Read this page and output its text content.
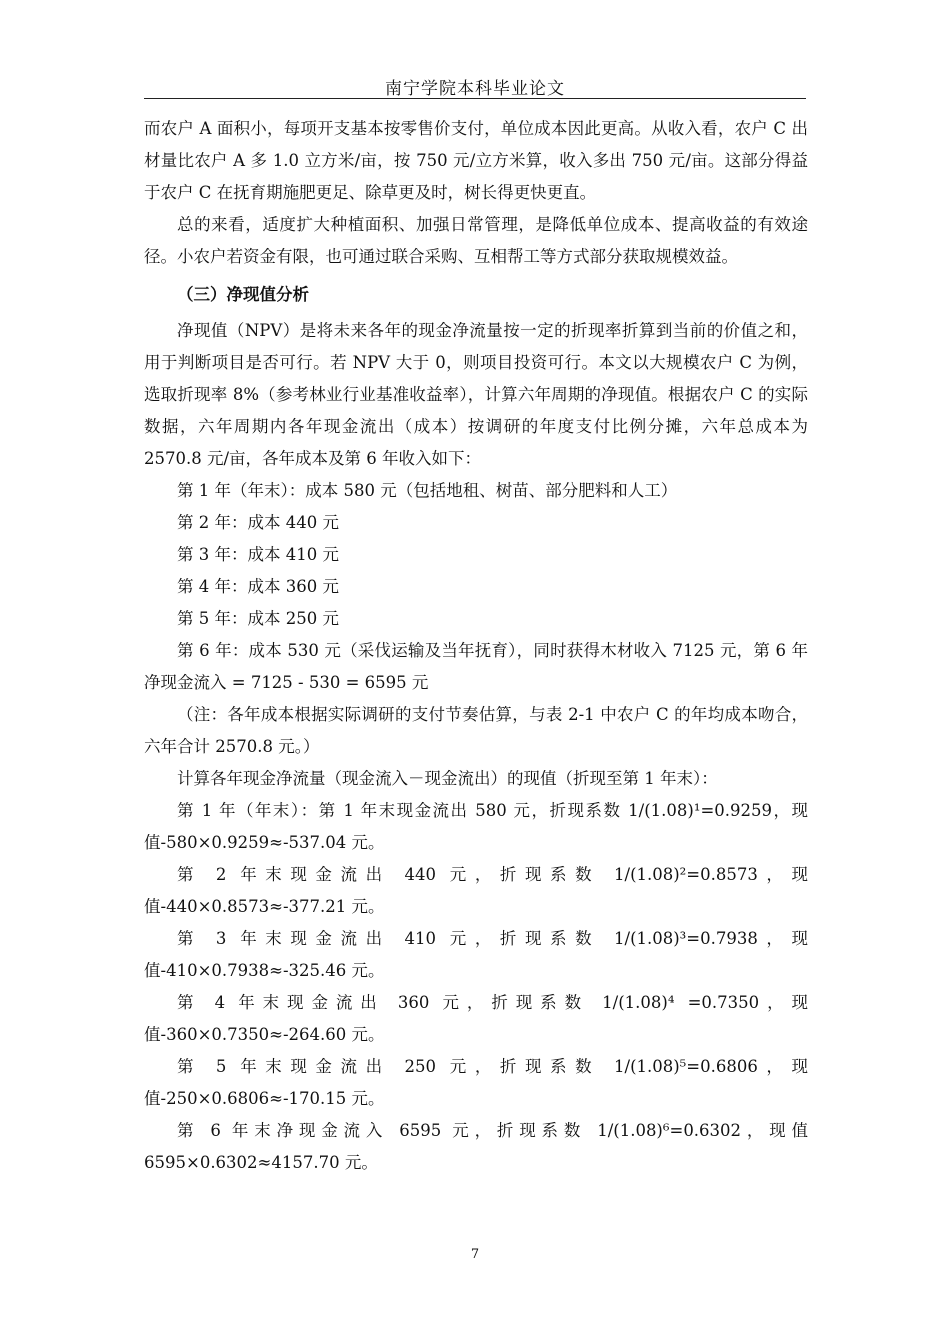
南宁学院本科毕业论文

而农户 A 面积小，每项开支基本按零售价支付，单位成本因此更高。从收入看，农户 C 出材量比农户 A 多 1.0 立方米/亩，按 750 元/立方米算，收入多出 750 元/亩。这部分得益于农户 C 在抚育期施肥更足、除草更及时，树长得更快更直。

总的来看，适度扩大种植面积、加强日常管理，是降低单位成本、提高收益的有效途径。小农户若资金有限，也可通过联合采购、互相帮工等方式部分获取规模效益。

（三）净现值分析

净现值（NPV）是将未来各年的现金净流量按一定的折现率折算到当前的价值之和，用于判断项目是否可行。若 NPV 大于 0，则项目投资可行。本文以大规模农户 C 为例，选取折现率 8%（参考林业行业基准收益率），计算六年周期的净现值。根据农户 C 的实际数据，六年周期内各年现金流出（成本）按调研的年度支付比例分摊，六年总成本为 2570.8 元/亩，各年成本及第 6 年收入如下：

第 1 年（年末）：成本 580 元（包括地租、树苗、部分肥料和人工）

第 2 年：成本 440 元

第 3 年：成本 410 元

第 4 年：成本 360 元

第 5 年：成本 250 元

第 6 年：成本 530 元（采伐运输及当年抚育），同时获得木材收入 7125 元，第 6 年净现金流入 = 7125 - 530 = 6595 元

（注：各年成本根据实际调研的支付节奏估算，与表 2-1 中农户 C 的年均成本吻合，六年合计 2570.8 元。）

计算各年现金净流量（现金流入－现金流出）的现值（折现至第 1 年末）：

第 1 年（年末）：第 1 年末现金流出 580 元，折现系数 1/(1.08)¹=0.9259，现值-580×0.9259≈-537.04 元。

第 2 年末现金流出 440 元，折现系数 1/(1.08)²=0.8573，现值-440×0.8573≈-377.21 元。

第 3 年末现金流出 410 元，折现系数 1/(1.08)³=0.7938，现值-410×0.7938≈-325.46 元。

第 4 年末现金流出 360 元，折现系数 1/(1.08)⁴ =0.7350，现值-360×0.7350≈-264.60 元。

第 5 年末现金流出 250 元，折现系数 1/(1.08)⁵=0.6806，现值-250×0.6806≈-170.15 元。

第 6 年末净现金流入 6595 元，折现系数 1/(1.08)⁶=0.6302，现值 6595×0.6302≈4157.70 元。

7
